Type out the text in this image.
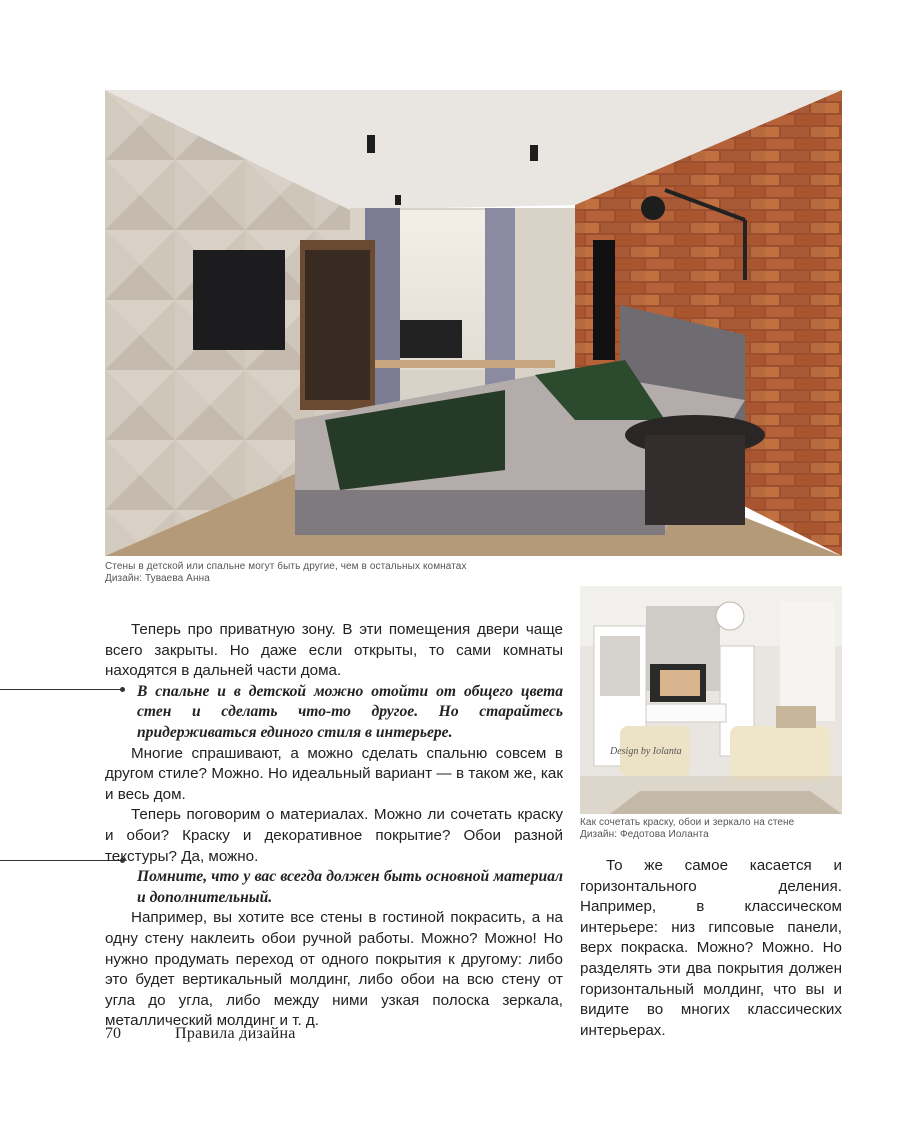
Стены в детской или спальне могут быть другие, чем в остальных комнатах
Дизайн: Туваева Анна
Design by Iolanta
Как сочетать краску, обои и зеркало на стене
Дизайн: Федотова Иоланта

Теперь про приватную зону. В эти помещения двери чаще всего закрыты. Но даже если открыты, то сами комнаты находятся в дальней части дома.

В спальне и в детской можно отойти от общего цвета стен и сделать что-то другое. Но старайтесь придерживаться единого стиля в интерьере.

Многие спрашивают, а можно сделать спальню совсем в другом стиле? Можно. Но идеальный вариант — в таком же, как и весь дом.

Теперь поговорим о материалах. Можно ли сочетать краску и обои? Краску и декоративное покрытие? Обои разной текстуры? Да, можно.

Помните, что у вас всегда должен быть основной материал и дополнительный.

Например, вы хотите все стены в гостиной покрасить, а на одну стену наклеить обои ручной работы. Можно? Можно! Но нужно продумать переход от одного покрытия к другому: либо это будет вертикальный молдинг, либо обои на всю стену от угла до угла, либо между ними узкая полоска зеркала, металлический молдинг и т. д.

То же самое касается и горизонтального деления. Например, в классическом интерьере: низ гипсовые панели, верх покраска. Можно? Можно. Но разделять эти два покрытия должен горизонтальный молдинг, что вы и видите во многих классических интерьерах.

70	Правила дизайна
